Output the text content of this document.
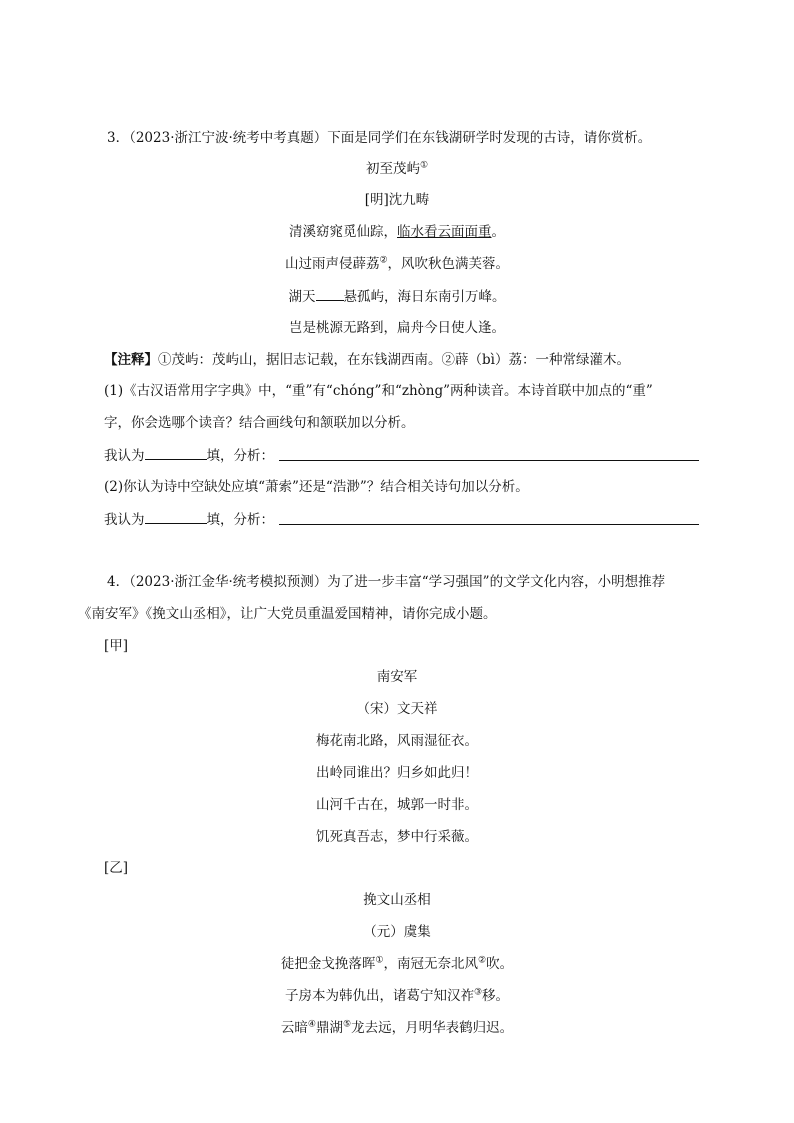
3．（2023·浙江宁波·统考中考真题）下面是同学们在东钱湖研学时发现的古诗，请你赏析。
初至茂屿①
[明]沈九畴
清溪窈窕觅仙踪，临水看云面面重。
山过雨声侵薜荔②，风吹秋色满芙蓉。
湖天 悬孤屿，海日东南引万峰。
岂是桃源无路到，扁舟今日使人逢。
【注释】①茂屿：茂屿山，据旧志记载，在东钱湖西南。②薜（bì）荔：一种常绿灌木。
(1)《古汉语常用字字典》中，“重”有“chóng”和“zhòng”两种读音。本诗首联中加点的“重”
字，你会选哪个读音？结合画线句和颔联加以分析。
我认为	填，分析：
(2)你认为诗中空缺处应填“萧索”还是“浩渺”？结合相关诗句加以分析。
我认为	填，分析：
4．（2023·浙江金华·统考模拟预测）为了进一步丰富“学习强国”的文学文化内容，小明想推荐
《南安军》《挽文山丞相》，让广大党员重温爱国精神，请你完成小题。
[甲]
南安军
（宋）文天祥
梅花南北路，风雨湿征衣。
出岭同谁出？归乡如此归！
山河千古在，城郭一时非。
饥死真吾志，梦中行采薇。
[乙]
挽文山丞相
（元）虞集
徒把金戈挽落晖①，南冠无奈北风②吹。
子房本为韩仇出，诸葛宁知汉祚③移。
云暗④鼎湖⑤龙去远，月明华表鹤归迟。
